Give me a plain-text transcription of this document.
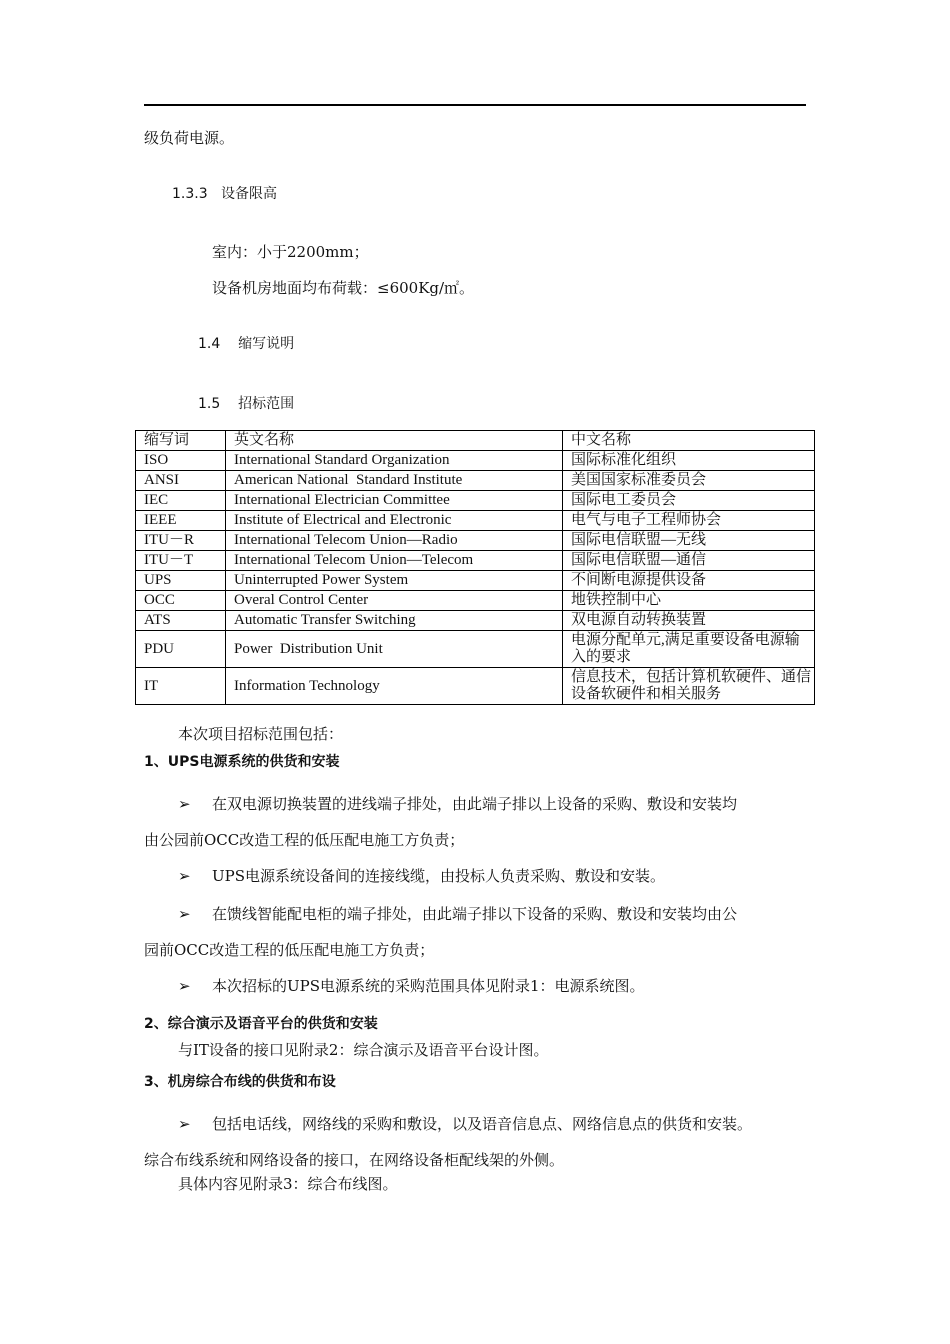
级负荷电源。
1.3.3 设备限高
室内：小于2200mm；
设备机房地面均布荷载：≤600Kg/㎡。
1.4 缩写说明
1.5 招标范围
缩写词	英文名称	中文名称
ISO	International Standard Organization	国际标准化组织
ANSI	American National  Standard Institute	美国国家标准委员会
IEC	International Electrician Committee	国际电工委员会
IEEE	Institute of Electrical and Electronic	电气与电子工程师协会
ITU－R	International Telecom Union—Radio	国际电信联盟—无线
ITU－T	International Telecom Union—Telecom	国际电信联盟—通信
UPS	Uninterrupted Power System	不间断电源提供设备
OCC	Overal Control Center	地铁控制中心
ATS	Automatic Transfer Switching	双电源自动转换装置
PDU	Power  Distribution Unit	电源分配单元,满足重要设备电源输入的要求
IT	Information Technology	信息技术，包括计算机软硬件、通信设备软硬件和相关服务
本次项目招标范围包括：
1、UPS电源系统的供货和安装
➢ 在双电源切换装置的进线端子排处，由此端子排以上设备的采购、敷设和安装均
由公园前OCC改造工程的低压配电施工方负责；
➢ UPS电源系统设备间的连接线缆，由投标人负责采购、敷设和安装。
➢ 在馈线智能配电柜的端子排处，由此端子排以下设备的采购、敷设和安装均由公
园前OCC改造工程的低压配电施工方负责；
➢ 本次招标的UPS电源系统的采购范围具体见附录1：电源系统图。
2、综合演示及语音平台的供货和安装
与IT设备的接口见附录2：综合演示及语音平台设计图。
3、机房综合布线的供货和布设
➢ 包括电话线，网络线的采购和敷设，以及语音信息点、网络信息点的供货和安装。
综合布线系统和网络设备的接口，在网络设备柜配线架的外侧。
具体内容见附录3：综合布线图。
